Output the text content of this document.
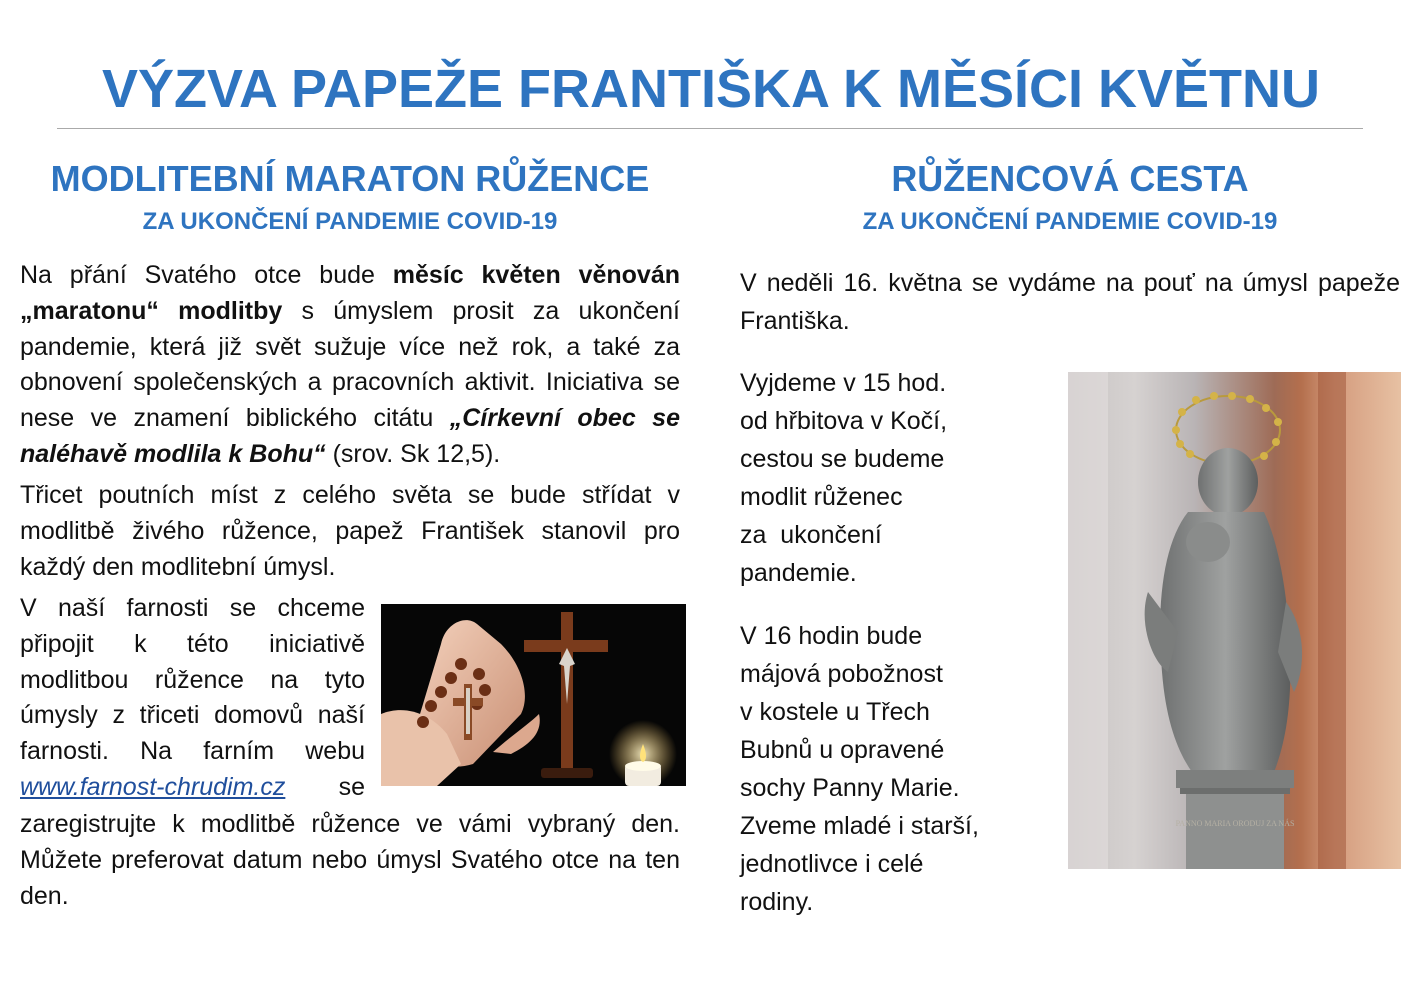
VÝZVA PAPEŽE FRANTIŠKA K MĚSÍCI KVĚTNU
MODLITEBNÍ MARATON RŮŽENCE
ZA UKONČENÍ PANDEMIE COVID-19

Na přání Svatého otce bude měsíc květen věnován „maratonu“ modlitby s úmyslem prosit za ukončení pandemie, která již svět sužuje více než rok, a také za obnovení společenských a pracovních aktivit. Iniciativa se nese ve znamení biblického citátu „Církevní obec se naléhavě modlila k Bohu“ (srov. Sk 12,5).

Třicet poutních míst z celého světa se bude střídat v modlitbě živého růžence, papež František stanovil pro každý den modlitební úmysl.

V naší farnosti se chceme připojit k této iniciativě modlitbou růžence na tyto úmysly z třiceti domovů naší farnosti. Na farním webu www.farnost-chrudim.cz se

zaregistrujte k modlitbě růžence ve vámi vybraný den. Můžete preferovat datum nebo úmysl Svatého otce na ten den.

RŮŽENCOVÁ CESTA
ZA UKONČENÍ PANDEMIE COVID-19

V neděli 16. května se vydáme na pouť na úmysl papeže Františka.

Vyjdeme v 15 hod.
od hřbitova v Kočí,
cestou se budeme
modlit růženec
za  ukončení
pandemie.
V 16 hodin bude
májová pobožnost
v kostele u Třech
Bubnů u opravené
sochy Panny Marie.
Zveme mladé i starší,
jednotlivce i celé
rodiny.
PANNO MARIA ORODUJ ZA NÁS
